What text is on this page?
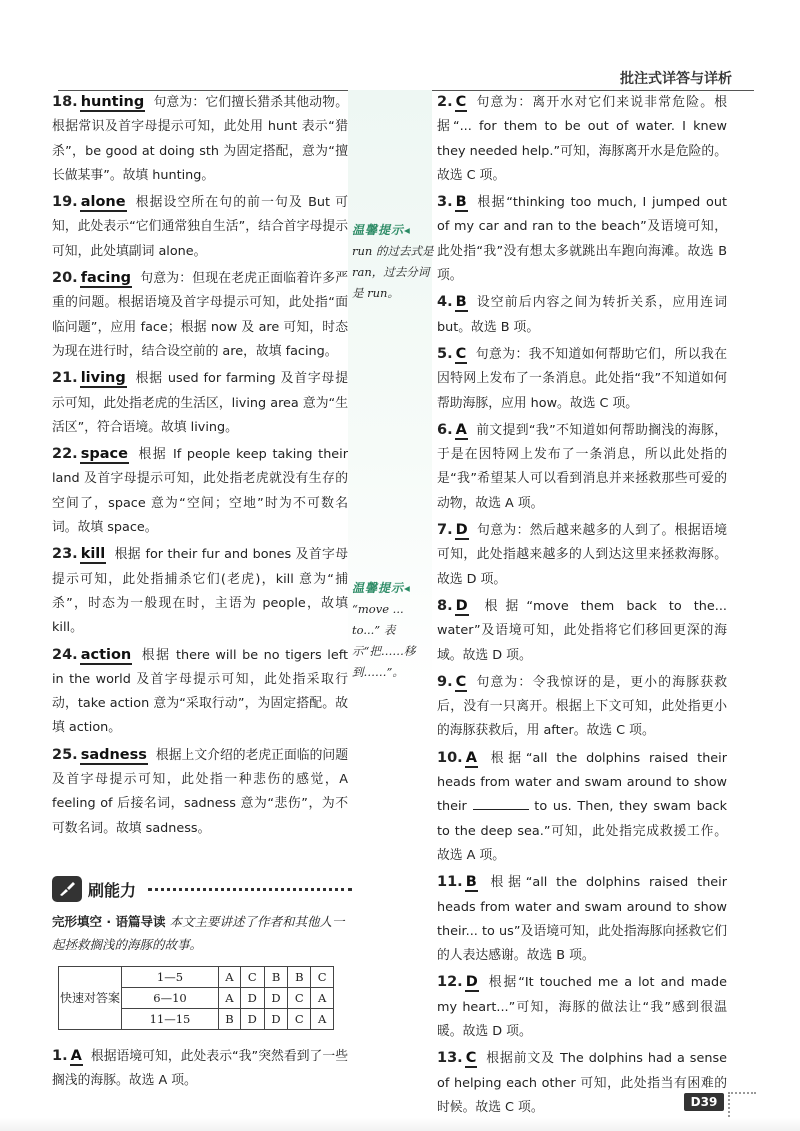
批注式详答与详析

18. hunting 句意为：它们擅长猎杀其他动物。根据常识及首字母提示可知，此处用 hunt 表示“猎杀”，be good at doing sth 为固定搭配，意为“擅长做某事”。故填 hunting。

19. alone 根据设空所在句的前一句及 But 可知，此处表示“它们通常独自生活”，结合首字母提示可知，此处填副词 alone。

20. facing 句意为：但现在老虎正面临着许多严重的问题。根据语境及首字母提示可知，此处指“面临问题”，应用 face；根据 now 及 are 可知，时态为现在进行时，结合设空前的 are，故填 facing。

21. living 根据 used for farming 及首字母提示可知，此处指老虎的生活区，living area 意为“生活区”，符合语境。故填 living。

22. space 根据 If people keep taking their land 及首字母提示可知，此处指老虎就没有生存的空间了，space 意为“空间；空地”时为不可数名词。故填 space。

23. kill 根据 for their fur and bones 及首字母提示可知，此处指捕杀它们(老虎)，kill 意为“捕杀”，时态为一般现在时，主语为 people，故填 kill。

24. action 根据 there will be no tigers left in the world 及首字母提示可知，此处指采取行动，take action 意为“采取行动”，为固定搭配。故填 action。

25. sadness 根据上文介绍的老虎正面临的问题及首字母提示可知，此处指一种悲伤的感觉，A feeling of 后接名词，sadness 意为“悲伤”，为不可数名词。故填 sadness。

温馨提示◂
run 的过去式是 ran，过去分词是 run。
温馨提示◂
“move ... to...” 表示“把……移到……”。
刷能力
完形填空 · 语篇导读 本文主要讲述了作者和其他人一起拯救搁浅的海豚的故事。
快速对答案	1—5	A	C	B	B	C
	6—10	A	D	D	C	A
	11—15	B	D	D	C	A

1. A 根据语境可知，此处表示“我”突然看到了一些搁浅的海豚。故选 A 项。

2. C 句意为：离开水对它们来说非常危险。根据“... for them to be out of water. I knew they needed help.”可知，海豚离开水是危险的。故选 C 项。

3. B 根据“thinking too much, I jumped out of my car and ran to the beach”及语境可知，此处指“我”没有想太多就跳出车跑向海滩。故选 B 项。

4. B 设空前后内容之间为转折关系，应用连词 but。故选 B 项。

5. C 句意为：我不知道如何帮助它们，所以我在因特网上发布了一条消息。此处指“我”不知道如何帮助海豚，应用 how。故选 C 项。

6. A 前文提到“我”不知道如何帮助搁浅的海豚，于是在因特网上发布了一条消息，所以此处指的是“我”希望某人可以看到消息并来拯救那些可爱的动物，故选 A 项。

7. D 句意为：然后越来越多的人到了。根据语境可知，此处指越来越多的人到达这里来拯救海豚。故选 D 项。

8. D 根据“move them back to the... water”及语境可知，此处指将它们移回更深的海域。故选 D 项。

9. C 句意为：令我惊讶的是，更小的海豚获救后，没有一只离开。根据上下文可知，此处指更小的海豚获救后，用 after。故选 C 项。

10. A 根据“all the dolphins raised their heads from water and swam around to show their	to us. Then, they swam back to the deep sea.”可知，此处指完成救援工作。故选 A 项。

11. B 根据“all the dolphins raised their heads from water and swam around to show their... to us”及语境可知，此处指海豚向拯救它们的人表达感谢。故选 B 项。

12. D 根据“It touched me a lot and made my heart...”可知，海豚的做法让“我”感到很温暖。故选 D 项。

13. C 根据前文及 The dolphins had a sense of helping each other 可知，此处指当有困难的时候。故选 C 项。	D39
